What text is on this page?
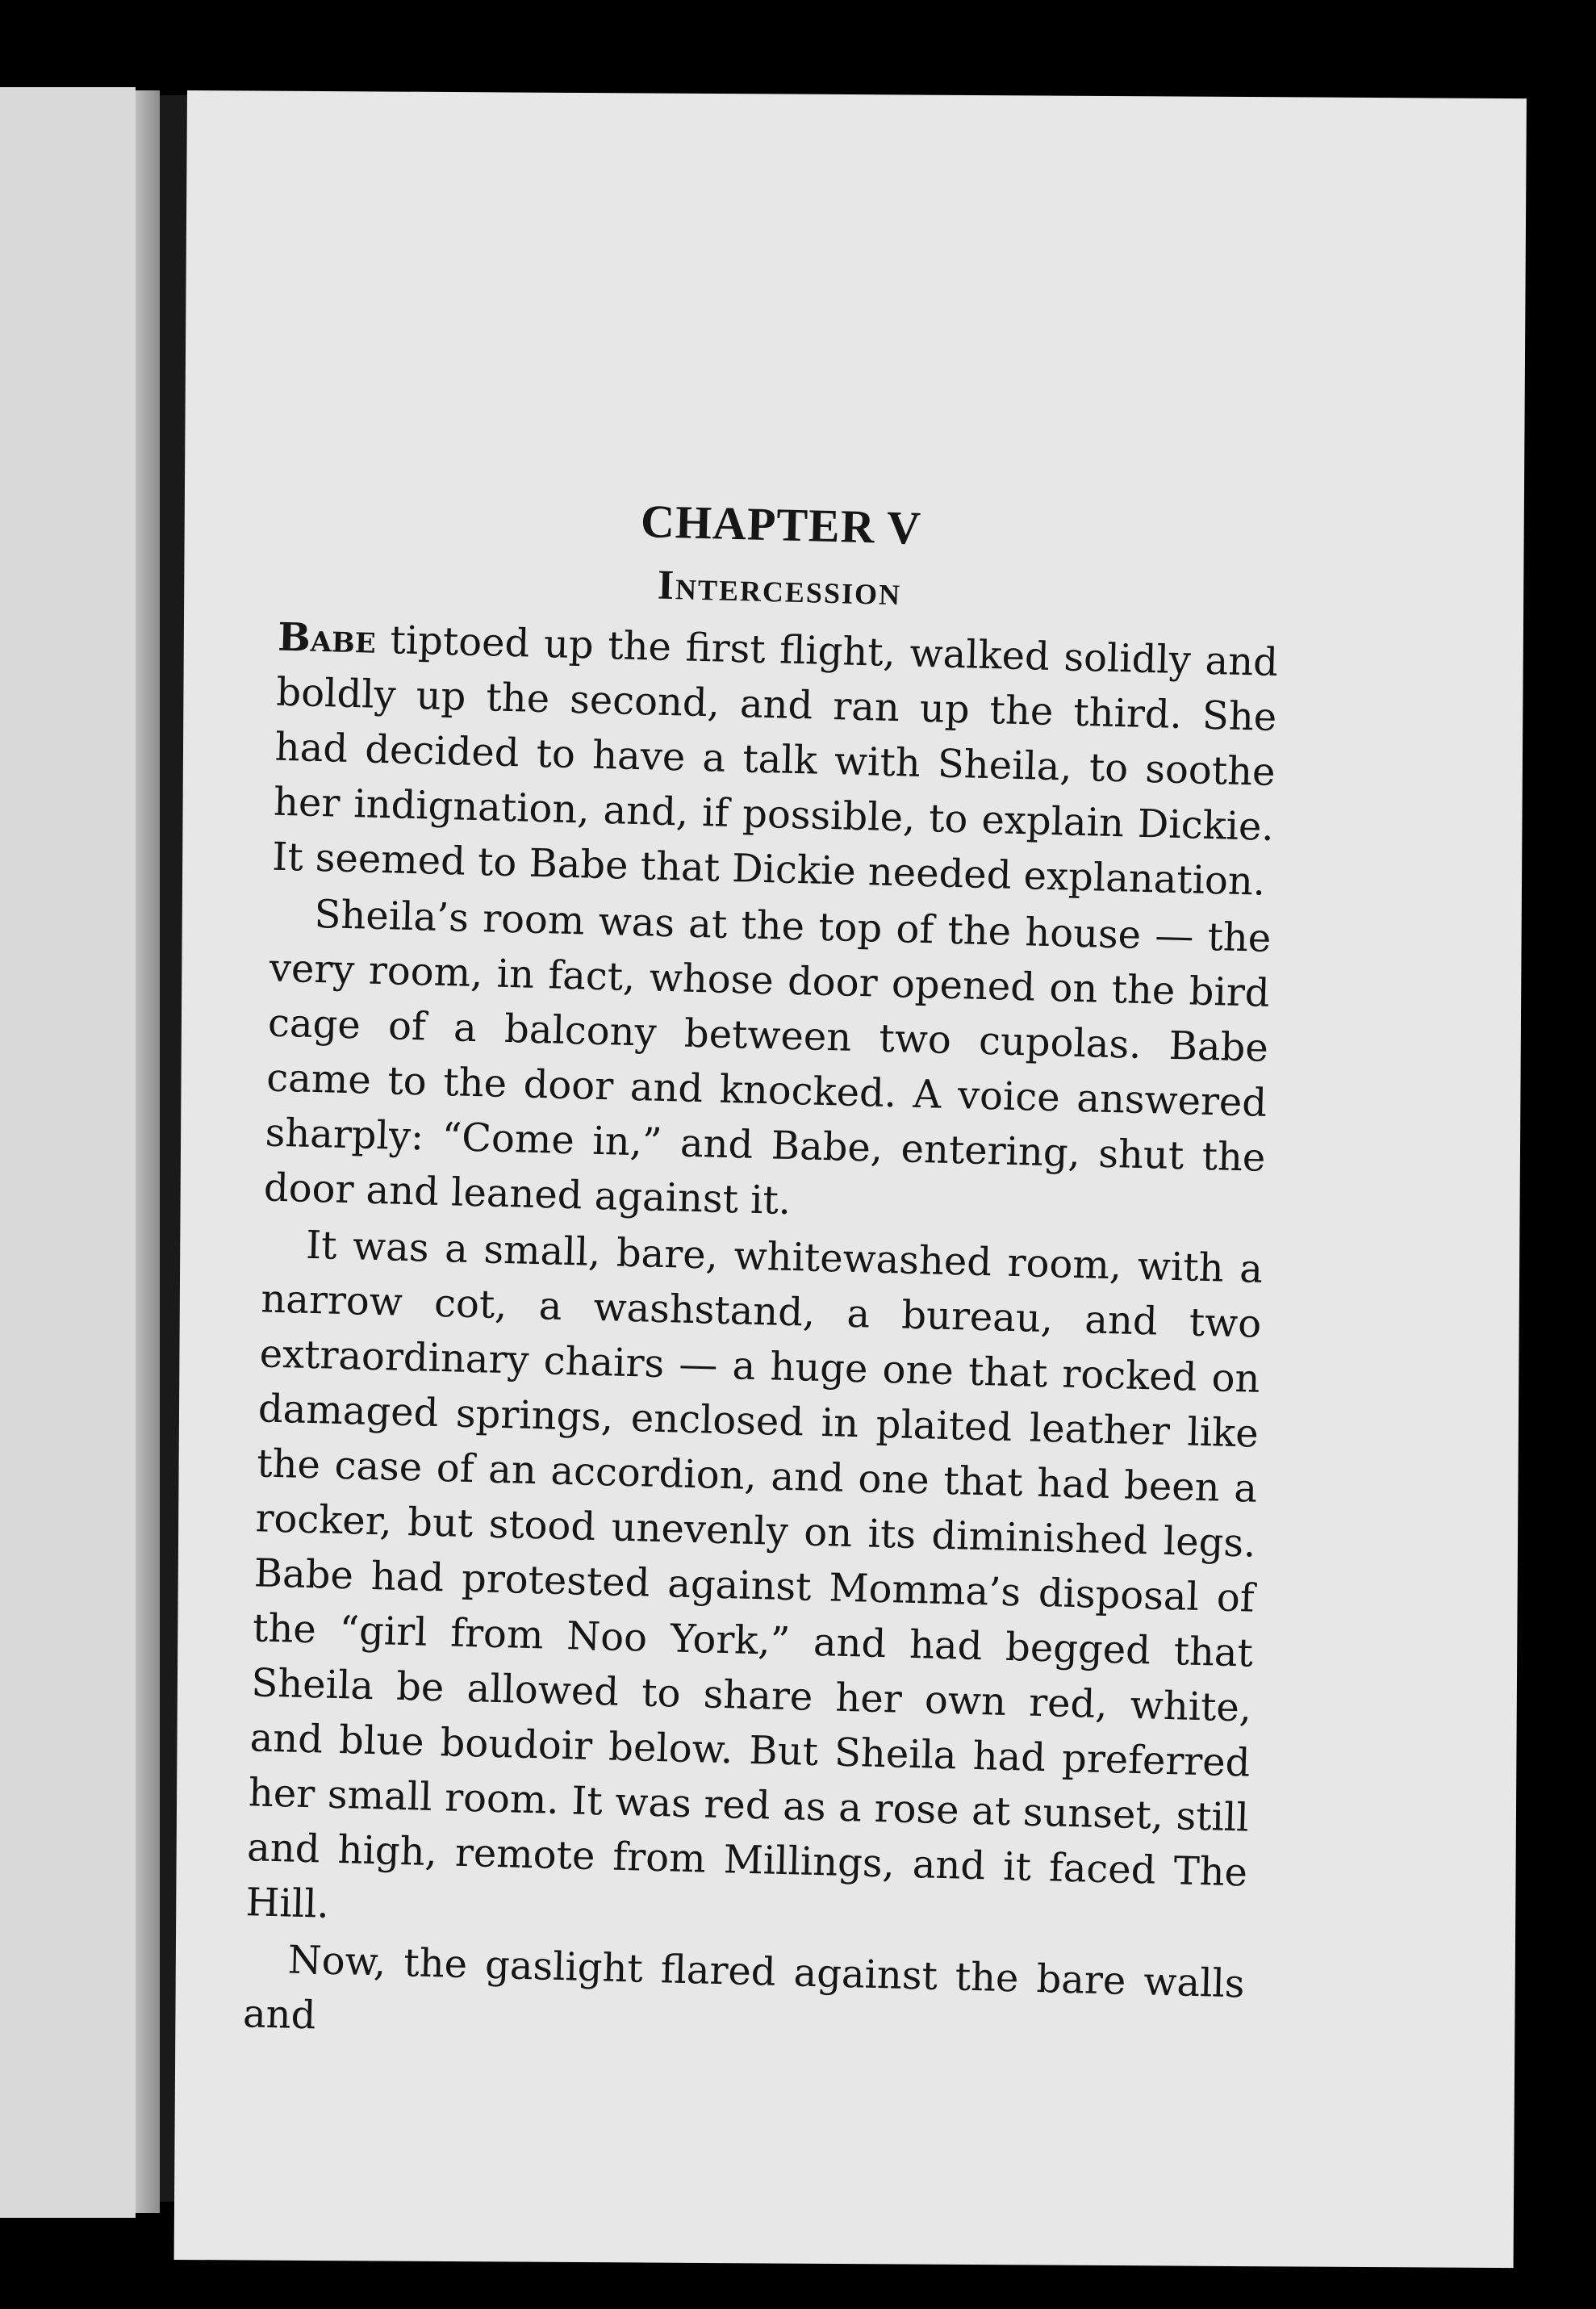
CHAPTER V
Intercession

Babe tiptoed up the first flight, walked solidly and boldly up the second, and ran up the third. She had decided to have a talk with Sheila, to soothe her indignation, and, if possible, to explain Dickie. It seemed to Babe that Dickie needed explanation.

Sheila’s room was at the top of the house — the very room, in fact, whose door opened on the bird cage of a balcony between two cupolas. Babe came to the door and knocked. A voice answered sharply: “Come in,” and Babe, entering, shut the door and leaned against it.

It was a small, bare, whitewashed room, with a narrow cot, a washstand, a bureau, and two extraordinary chairs — a huge one that rocked on damaged springs, enclosed in plaited leather like the case of an accordion, and one that had been a rocker, but stood unevenly on its diminished legs. Babe had protested against Momma’s disposal of the “girl from Noo York,” and had begged that Sheila be allowed to share her own red, white, and blue boudoir below. But Sheila had preferred her small room. It was red as a rose at sunset, still and high, remote from Millings, and it faced The Hill.

Now, the gaslight flared against the bare walls and
